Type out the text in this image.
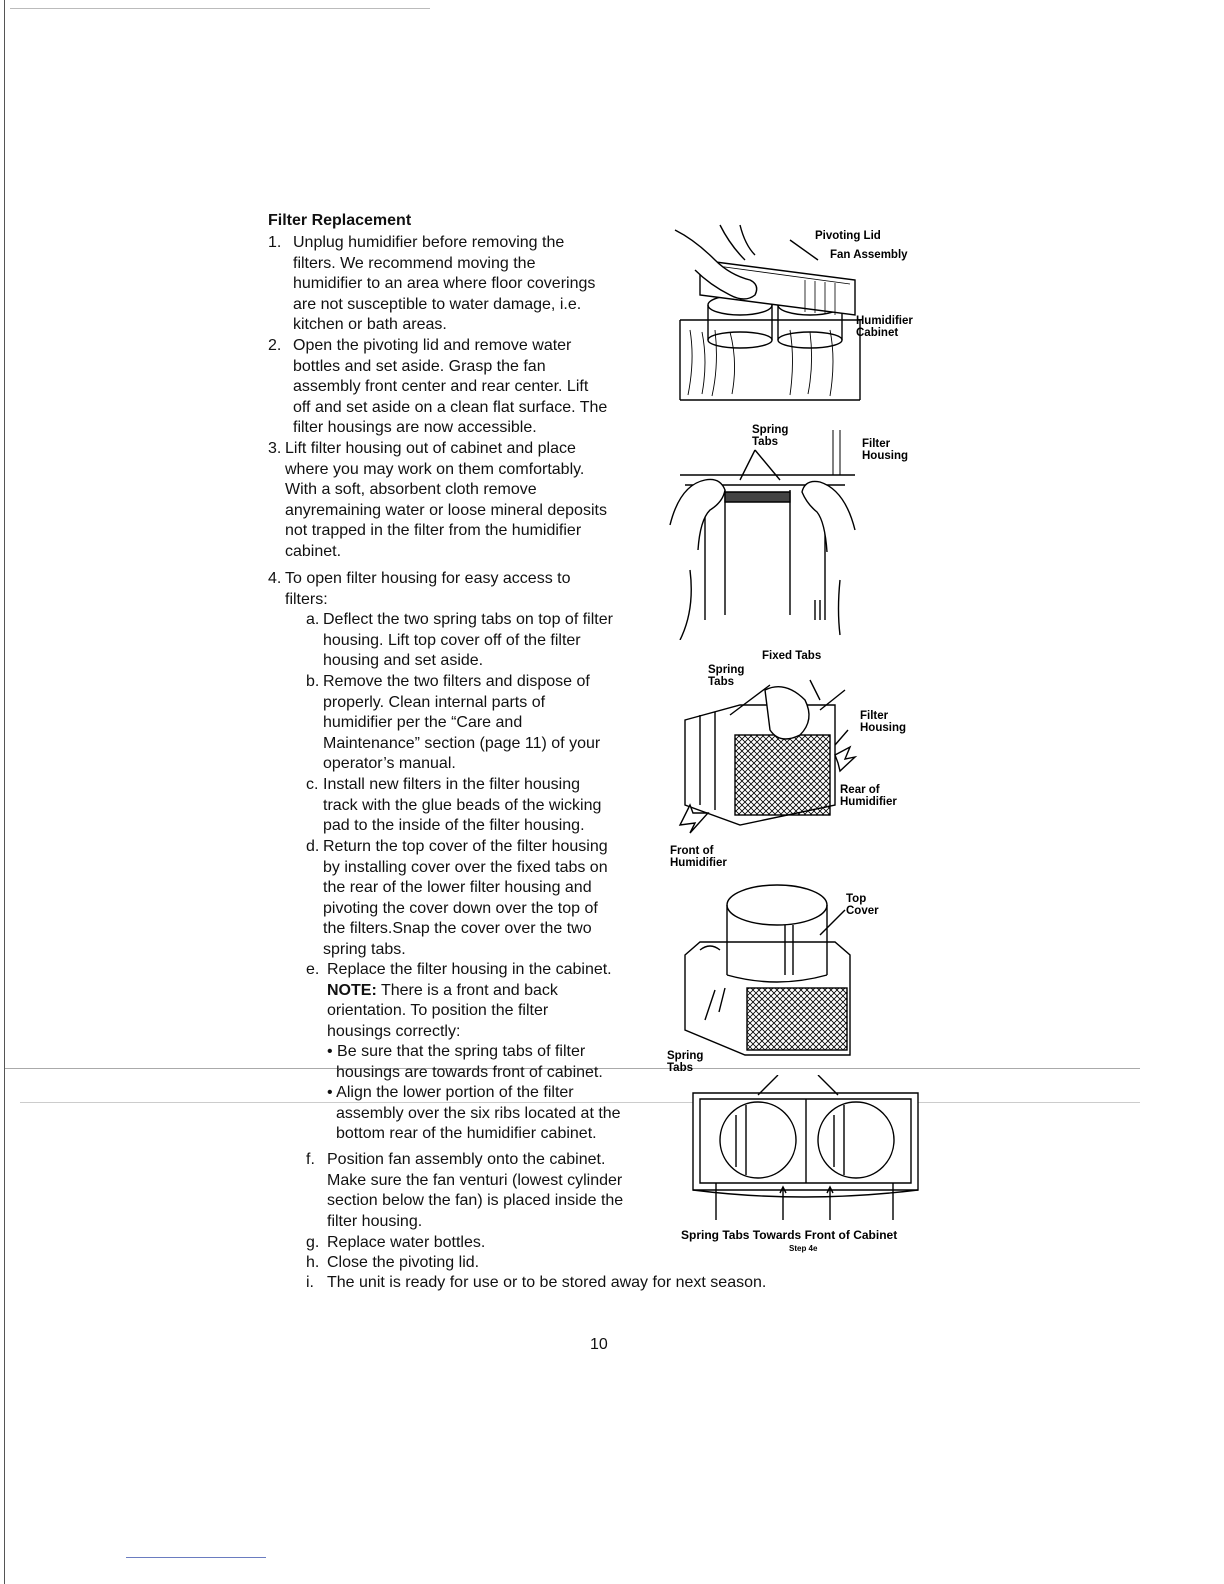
Filter Replacement
1. Unplug humidifier before removing the

filters. We recommend moving the

humidifier to an area where floor coverings

are not susceptible to water damage, i.e.

kitchen or bath areas.

2. Open the pivoting lid and remove water

bottles and set aside. Grasp the fan

assembly front center and rear center. Lift

off and set aside on a clean flat surface. The

filter housings are now accessible.

3. Lift filter housing out of cabinet and place

where you may work on them comfortably.

With a soft, absorbent cloth remove

anyremaining water or loose mineral deposits

not trapped in the filter from the humidifier

cabinet.

4. To open filter housing for easy access to

filters:

a. Deflect the two spring tabs on top of filter

housing. Lift top cover off of the filter

housing and set aside.

b. Remove the two filters and dispose of

properly. Clean internal parts of

humidifier per the “Care and

Maintenance” section (page 11) of your

operator’s manual.

c. Install new filters in the filter housing

track with the glue beads of the wicking

pad to the inside of the filter housing.

d. Return the top cover of the filter housing

by installing cover over the fixed tabs on

the rear of the lower filter housing and

pivoting the cover down over the top of

the filters.Snap the cover over the two

spring tabs.

e. Replace the filter housing in the cabinet.

NOTE: There is a front and back

orientation. To position the filter

housings correctly:

• Be sure that the spring tabs of filter

housings are towards front of cabinet.

• Align the lower portion of the filter

assembly over the six ribs located at the

bottom rear of the humidifier cabinet.

f. Position fan assembly onto the cabinet.

Make sure the fan venturi (lowest cylinder

section below the fan) is placed inside the

filter housing.

g. Replace water bottles.

h. Close the pivoting lid.

i. The unit is ready for use or to be stored away for next season.

Pivoting Lid
Fan Assembly
Humidifier
Cabinet
Spring
Tabs	Filter
Housing
Fixed Tabs
Spring
Tabs
Filter
Housing
Rear of
Humidifier
Front of
Humidifier
Top
Cover
Spring
Tabs
Spring Tabs Towards Front of Cabinet
Step 4e
10
